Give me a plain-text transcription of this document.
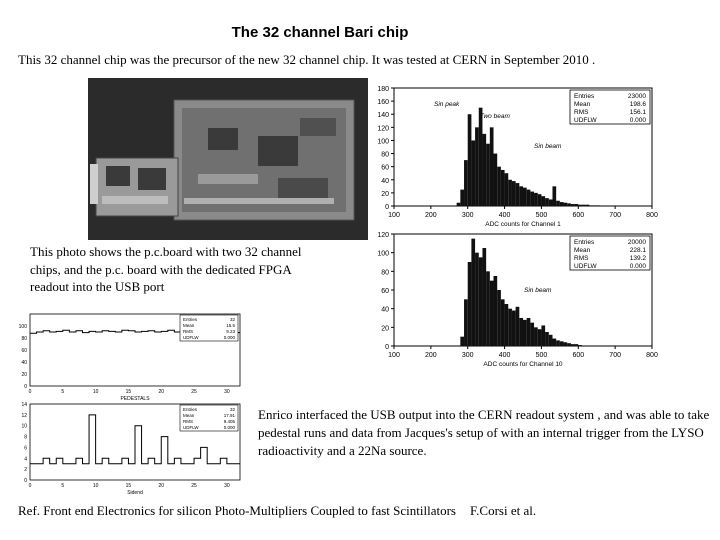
The 32 channel Bari chip
This 32 channel chip was the precursor of the new 32 channel chip. It was tested at CERN in September 2010 .
This photo shows the p.c.board with two 32 channel chips, and the p.c. board with the dedicated FPGA readout into the USB port
0
20
40
60
80
100
120
140
160
180
100	200	300	400	500	600	700	800
ADC counts for Channel 1
Entries	23000
Mean	198.6
RMS	156.1
UDFLW	0.000
Sin peak
Two beam
Sin beam
0
20
40
60
80
100
120
100	200	300	400	500	600	700	800
ADC counts for Channel 10
Entries	20000
Mean	228.1
RMS	139.2
UDFLW	0.000
Sin beam
0
20
40
60
80
100
0	5	10	15	20	25	30
PEDESTALS
Entries	32
Mean	15.5
RMS	9.23
UDFLW	0.000
0
2
4
6
8
10
12
14
0	5	10	15	20	25	30
Sidend
Entries	32
Mean	17.91
RMS	9.405
UDFLW	0.000
Enrico interfaced the USB output into the CERN readout system , and was able to take pedestal runs and data from Jacques's setup of with an internal trigger from the LYSO radioactivity and a 22Na source.
Ref. Front end Electronics for silicon Photo-Multipliers Coupled to fast Scintillators F.Corsi et al.
